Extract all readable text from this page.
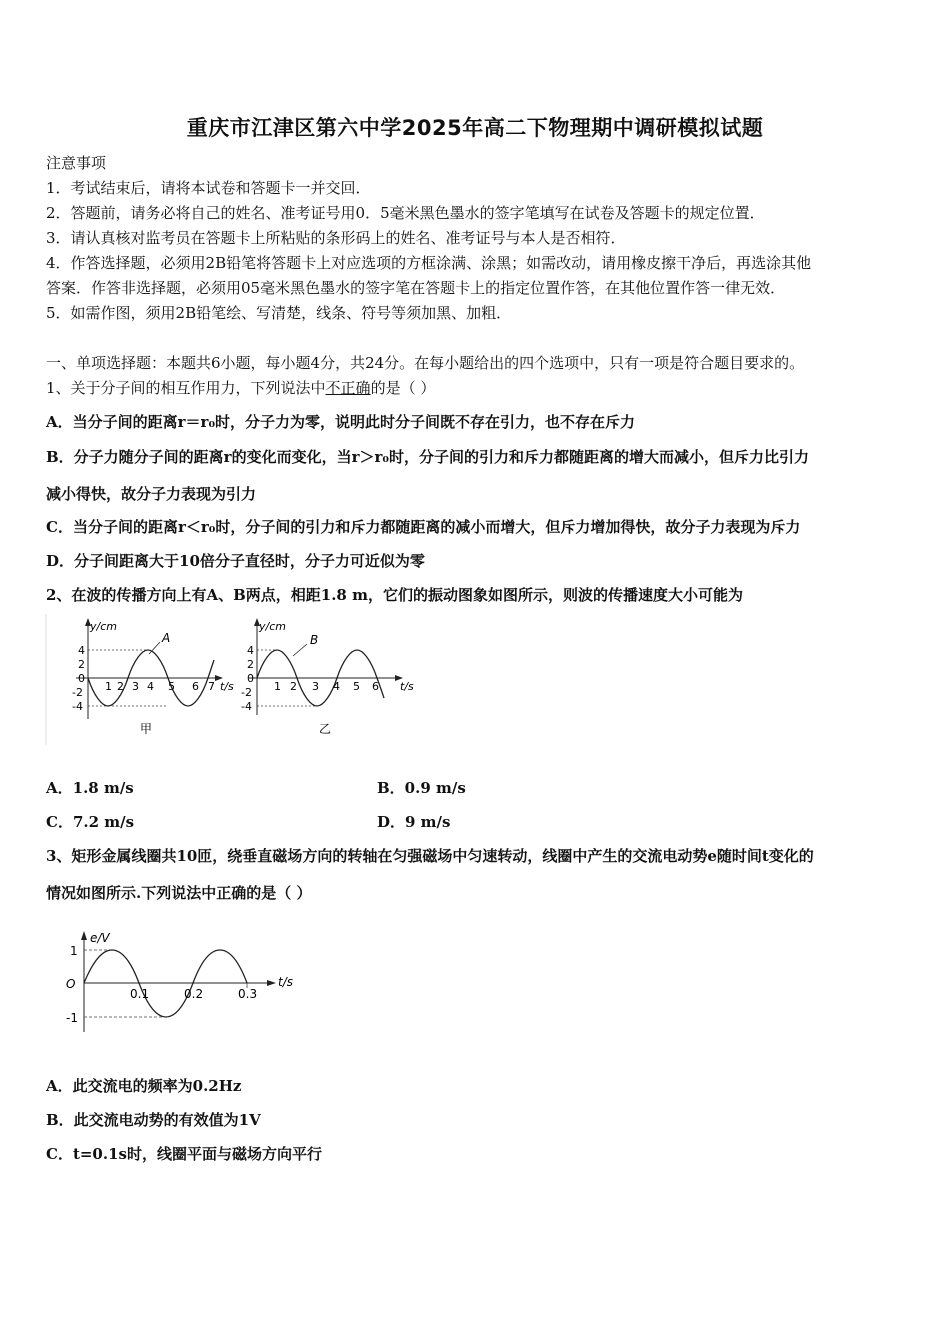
重庆市江津区第六中学2025年高二下物理期中调研模拟试题
注意事项
1．考试结束后，请将本试卷和答题卡一并交回．
2．答题前，请务必将自己的姓名、准考证号用0．5毫米黑色墨水的签字笔填写在试卷及答题卡的规定位置．
3．请认真核对监考员在答题卡上所粘贴的条形码上的姓名、准考证号与本人是否相符．
4．作答选择题，必须用2B铅笔将答题卡上对应选项的方框涂满、涂黑；如需改动，请用橡皮擦干净后，再选涂其他
答案．作答非选择题，必须用05毫米黑色墨水的签字笔在答题卡上的指定位置作答，在其他位置作答一律无效．
5．如需作图，须用2B铅笔绘、写清楚，线条、符号等须加黑、加粗．
一、单项选择题：本题共6小题，每小题4分，共24分。在每小题给出的四个选项中，只有一项是符合题目要求的。
1、关于分子间的相互作用力，下列说法中不正确的是（ ）
A．当分子间的距离r＝r₀时，分子力为零，说明此时分子间既不存在引力，也不存在斥力
B．分子力随分子间的距离r的变化而变化，当r＞r₀时，分子间的引力和斥力都随距离的增大而减小，但斥力比引力
减小得快，故分子力表现为引力
C．当分子间的距离r＜r₀时，分子间的引力和斥力都随距离的减小而增大，但斥力增加得快，故分子力表现为斥力
D．分子间距离大于10倍分子直径时，分子力可近似为零
2、在波的传播方向上有A、B两点，相距1.8 m，它们的振动图象如图所示，则波的传播速度大小可能为
y/cm
A
4
2
-2
-4
0
1 2 3 4 5 6 7 t/s
甲
y/cm
B
4
2
-2
-4
0
1 2 3 4 5 6 t/s
乙
A．1.8 m/s	B．0.9 m/s
C．7.2 m/s	D．9 m/s
3、矩形金属线圈共10匝，绕垂直磁场方向的转轴在匀强磁场中匀速转动，线圈中产生的交流电动势e随时间t变化的
情况如图所示.下列说法中正确的是（ ）
e/V
t/s
O
1
-1
0.1	0.2	0.3
A．此交流电的频率为0.2Hz
B．此交流电动势的有效值为1V
C．t=0.1s时，线圈平面与磁场方向平行
